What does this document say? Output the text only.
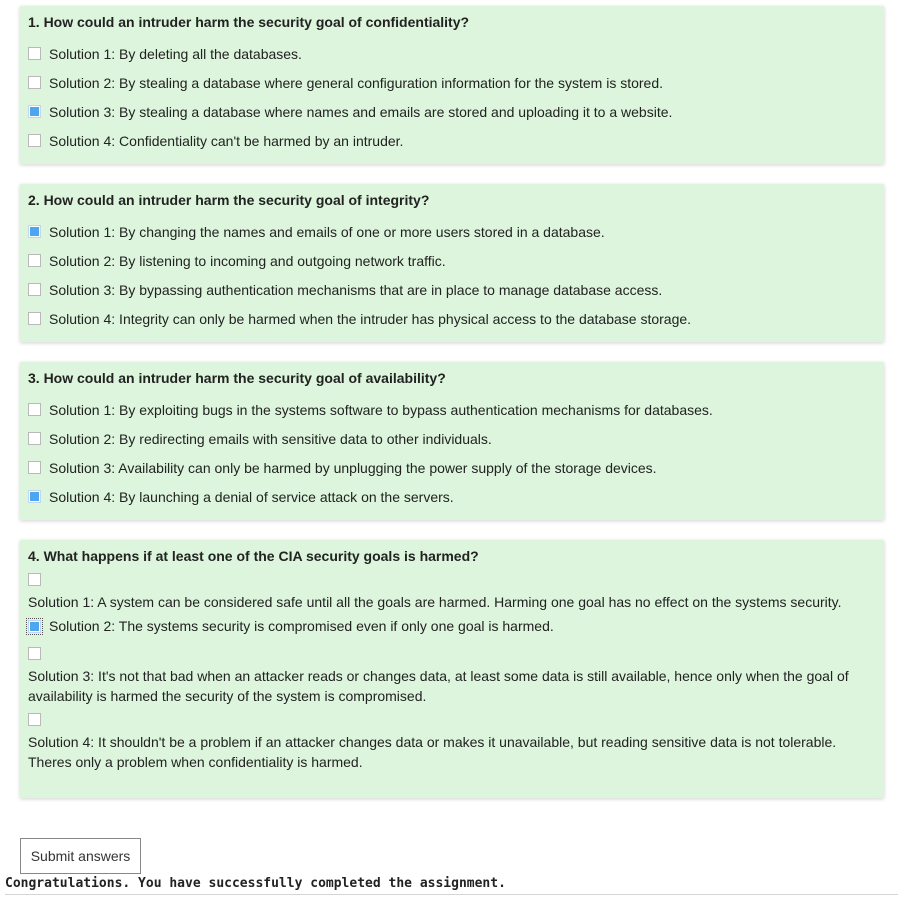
1. How could an intruder harm the security goal of confidentiality?
Solution 1: By deleting all the databases.
Solution 2: By stealing a database where general configuration information for the system is stored.
Solution 3: By stealing a database where names and emails are stored and uploading it to a website.
Solution 4: Confidentiality can't be harmed by an intruder.
2. How could an intruder harm the security goal of integrity?
Solution 1: By changing the names and emails of one or more users stored in a database.
Solution 2: By listening to incoming and outgoing network traffic.
Solution 3: By bypassing authentication mechanisms that are in place to manage database access.
Solution 4: Integrity can only be harmed when the intruder has physical access to the database storage.
3. How could an intruder harm the security goal of availability?
Solution 1: By exploiting bugs in the systems software to bypass authentication mechanisms for databases.
Solution 2: By redirecting emails with sensitive data to other individuals.
Solution 3: Availability can only be harmed by unplugging the power supply of the storage devices.
Solution 4: By launching a denial of service attack on the servers.
4. What happens if at least one of the CIA security goals is harmed?
Solution 1: A system can be considered safe until all the goals are harmed. Harming one goal has no effect on the systems security.
Solution 2: The systems security is compromised even if only one goal is harmed.
Solution 3: It's not that bad when an attacker reads or changes data, at least some data is still available, hence only when the goal of availability is harmed the security of the system is compromised.
Solution 4: It shouldn't be a problem if an attacker changes data or makes it unavailable, but reading sensitive data is not tolerable. Theres only a problem when confidentiality is harmed.
Submit answers
Congratulations. You have successfully completed the assignment.
